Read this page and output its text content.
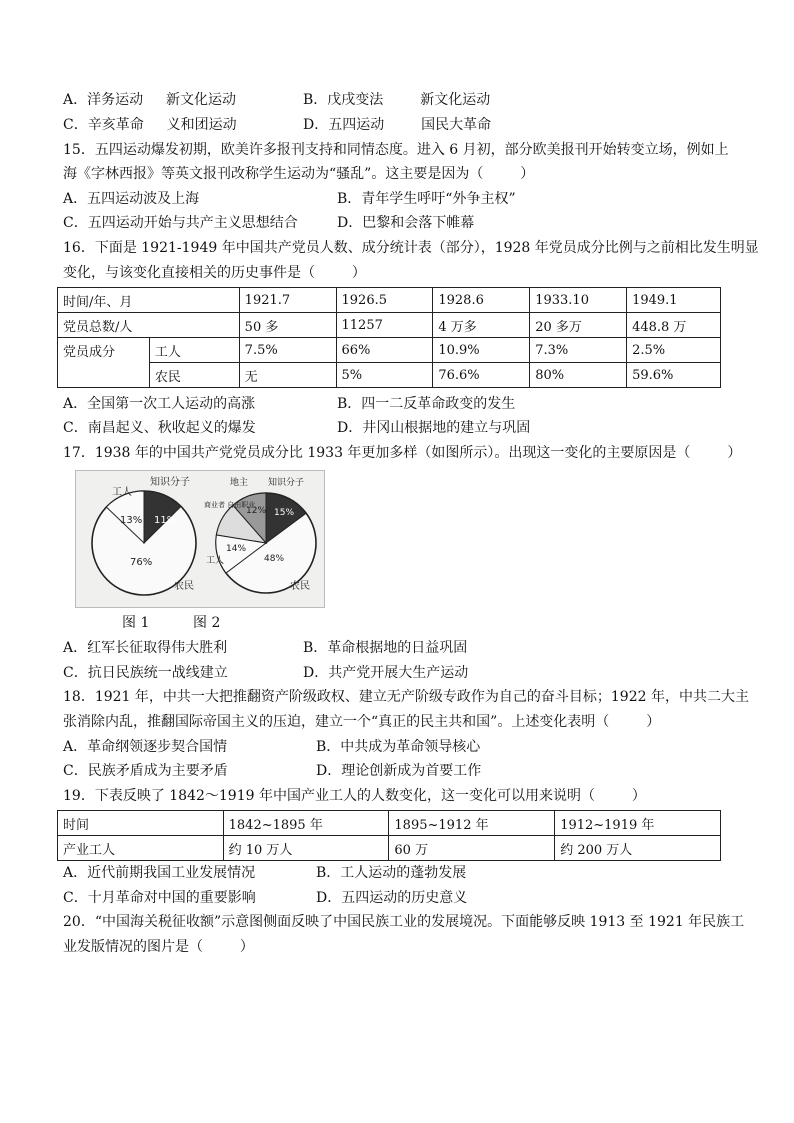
A．洋务运动 　 新文化运动	B．戊戌变法 　 　新文化运动
C．辛亥革命 　 义和团运动	D．五四运动 　 　国民大革命
15．五四运动爆发初期，欧美许多报刊支持和同情态度。进入 6 月初，部分欧美报刊开始转变立场，例如上
海《字林西报》等英文报刊改称学生运动为“骚乱”。这主要是因为（ 　 　）
A．五四运动波及上海	B．青年学生呼吁“外争主权”
C．五四运动开始与共产主义思想结合	D．巴黎和会落下帷幕
16．下面是 1921-1949 年中国共产党员人数、成分统计表（部分），1928 年党员成分比例与之前相比发生明显
变化，与该变化直接相关的历史事件是（ 　 　）
时间/年、月		1921.7	1926.5	1928.6	1933.10	1949.1
党员总数/人		50 多	11257	4 万多	20 多万	448.8 万
党员成分	工人	7.5%	66%	10.9%	7.3%	2.5%
	农民	无	5%	76.6%	80%	59.6%
A．全国第一次工人运动的高涨	B．四一二反革命政变的发生
C．南昌起义、秋收起义的爆发	D．井冈山根据地的建立与巩固
17．1938 年的中国共产党党员成分比 1933 年更加多样（如图所示）。出现这一变化的主要原因是（ 　 　）
工人
知识分子
11%
13%
76%
农民
地主 知识分子
商业者 自由职业
12% 15%
工人
14%
48%
农民
图 1	图 2
A．红军长征取得伟大胜利	B．革命根据地的日益巩固
C．抗日民族统一战线建立	D．共产党开展大生产运动
18．1921 年，中共一大把推翻资产阶级政权、建立无产阶级专政作为自己的奋斗目标；1922 年，中共二大主
张消除内乱，推翻国际帝国主义的压迫，建立一个“真正的民主共和国”。上述变化表明（ 　 　）
A．革命纲领逐步契合国情	B．中共成为革命领导核心
C．民族矛盾成为主要矛盾	D．理论创新成为首要工作
19．下表反映了 1842～1919 年中国产业工人的人数变化，这一变化可以用来说明（ 　 　）
时间	1842~1895 年	1895~1912 年	1912~1919 年
产业工人	约 10 万人	60 万	约 200 万人
A．近代前期我国工业发展情况	B．工人运动的蓬勃发展
C．十月革命对中国的重要影响	D．五四运动的历史意义
20．“中国海关税征收额”示意图侧面反映了中国民族工业的发展境况。下面能够反映 1913 至 1921 年民族工
业发版情况的图片是（ 　 　）
